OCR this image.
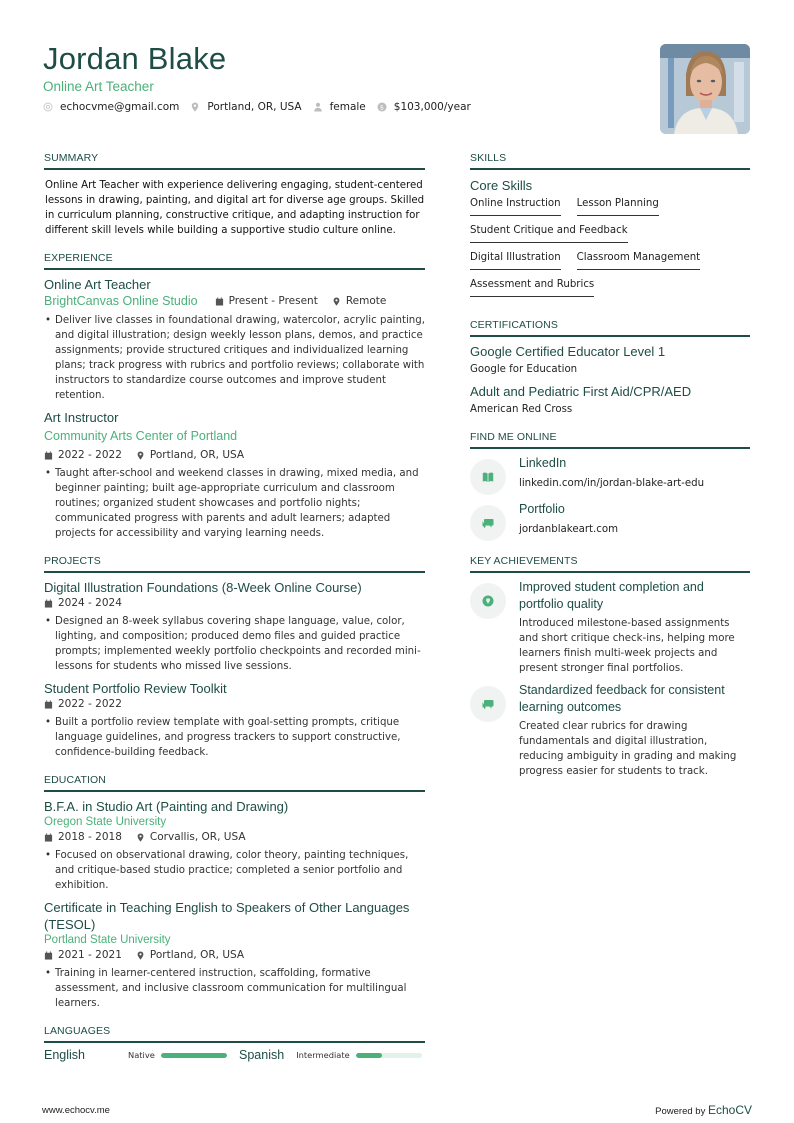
Jordan Blake
Online Art Teacher
echocvme@gmail.com	Portland, OR, USA	female $ $103,000/year
SUMMARY
Online Art Teacher with experience delivering engaging, student-centered lessons in drawing, painting, and digital art for diverse age groups. Skilled in curriculum planning, constructive critique, and adapting instruction for different skill levels while building a supportive studio culture online.
EXPERIENCE
Online Art Teacher
BrightCanvas Online Studio	Present - Present	Remote
• Deliver live classes in foundational drawing, watercolor, acrylic painting, and digital illustration; design weekly lesson plans, demos, and practice assignments; provide structured critiques and individualized learning plans; track progress with rubrics and portfolio reviews; collaborate with instructors to standardize course outcomes and improve student retention.
Art Instructor
Community Arts Center of Portland
2022 - 2022	Portland, OR, USA
• Taught after-school and weekend classes in drawing, mixed media, and beginner painting; built age-appropriate curriculum and classroom routines; organized student showcases and portfolio nights; communicated progress with parents and adult learners; adapted projects for accessibility and varying learning needs.
PROJECTS
Digital Illustration Foundations (8-Week Online Course)
2024 - 2024
• Designed an 8-week syllabus covering shape language, value, color, lighting, and composition; produced demo files and guided practice prompts; implemented weekly portfolio checkpoints and recorded mini-lessons for students who missed live sessions.
Student Portfolio Review Toolkit
2022 - 2022
• Built a portfolio review template with goal-setting prompts, critique language guidelines, and progress trackers to support constructive, confidence-building feedback.
EDUCATION
B.F.A. in Studio Art (Painting and Drawing)
Oregon State University
2018 - 2018	Corvallis, OR, USA
• Focused on observational drawing, color theory, painting techniques, and critique-based studio practice; completed a senior portfolio and exhibition.
Certificate in Teaching English to Speakers of Other Languages (TESOL)
Portland State University
2021 - 2021	Portland, OR, USA
• Training in learner-centered instruction, scaffolding, formative assessment, and inclusive classroom communication for multilingual learners.
LANGUAGES
English	Native	Spanish Intermediate
SKILLS
Core Skills
Online Instruction Lesson Planning
Student Critique and Feedback
Digital Illustration Classroom Management
Assessment and Rubrics
CERTIFICATIONS
Google Certified Educator Level 1
Google for Education
Adult and Pediatric First Aid/CPR/AED
American Red Cross
FIND ME ONLINE
LinkedIn
linkedin.com/in/jordan-blake-art-edu
Portfolio
jordanblakeart.com
KEY ACHIEVEMENTS
Improved student completion and portfolio quality
Introduced milestone-based assignments and short critique check-ins, helping more learners finish multi-week projects and present stronger final portfolios.
Standardized feedback for consistent learning outcomes
Created clear rubrics for drawing fundamentals and digital illustration, reducing ambiguity in grading and making progress easier for students to track.
www.echocv.me	Powered by EchoCV
